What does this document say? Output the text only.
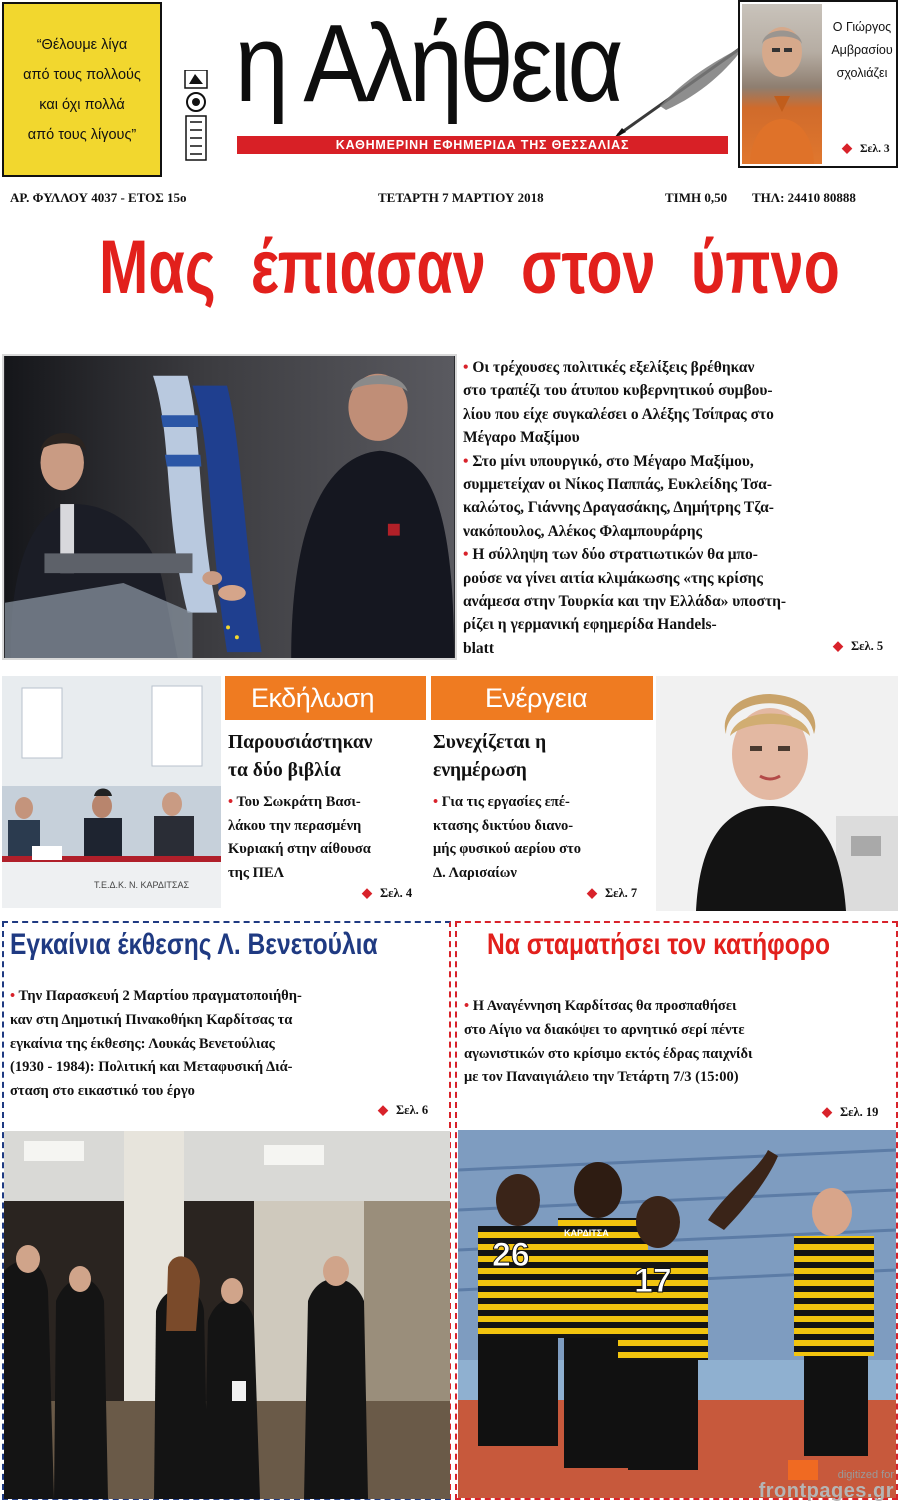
“Θέλουμε λίγα
από τους πολλούς
και όχι πολλά
από τους λίγους”
η Αλήθεια
ΚΑΘΗΜΕΡΙΝΗ ΕΦΗΜΕΡΙΔΑ ΤΗΣ ΘΕΣΣΑΛΙΑΣ
Ο Γιώργος
Αμβρασίου
σχολιάζει
◆ Σελ. 3
ΑΡ. ΦΥΛΛΟΥ 4037 - ΕΤΟΣ 15ο	ΤΕΤΑΡΤΗ 7 ΜΑΡΤΙΟΥ 2018	ΤΙΜΗ 0,50 ΤΗΛ: 24410 80888
Μας έπιασαν στον ύπνο
• Οι τρέχουσες πολιτικές εξελίξεις βρέθηκαν
στο τραπέζι του άτυπου κυβερνητικού συμβου-
λίου που είχε συγκαλέσει ο Αλέξης Τσίπρας στο
Μέγαρο Μαξίμου
• Στο μίνι υπουργικό, στο Μέγαρο Μαξίμου,
συμμετείχαν οι Νίκος Παππάς, Ευκλείδης Τσα-
καλώτος, Γιάννης Δραγασάκης, Δημήτρης Τζα-
νακόπουλος, Αλέκος Φλαμπουράρης
• Η σύλληψη των δύο στρατιωτικών θα μπο-
ρούσε να γίνει αιτία κλιμάκωσης «της κρίσης
ανάμεσα στην Τουρκία και την Ελλάδα» υποστη-
ρίζει η γερμανική εφημερίδα Handels-
blatt	◆ Σελ. 5
Τ.Ε.Δ.Κ. Ν. ΚΑΡΔΙΤΣΑΣ
Εκδήλωση
Παρουσιάστηκαν
τα δύο βιβλία
• Του Σωκράτη Βασι-
λάκου την περασμένη
Κυριακή στην αίθουσα
της ΠΕΛ
◆ Σελ. 4
Ενέργεια
Συνεχίζεται η
ενημέρωση
• Για τις εργασίες επέ-
κτασης δικτύου διανο-
μής φυσικού αερίου στο
Δ. Λαρισαίων
◆ Σελ. 7
Εγκαίνια έκθεσης Λ. Βενετούλια
• Την Παρασκευή 2 Μαρτίου πραγματοποιήθη-
καν στη Δημοτική Πινακοθήκη Καρδίτσας τα
εγκαίνια της έκθεσης: Λουκάς Βενετούλιας
(1930 - 1984): Πολιτική και Μεταφυσική Διά-
σταση στο εικαστικό του έργο
◆ Σελ. 6
Να σταματήσει τον κατήφορο
• Η Αναγέννηση Καρδίτσας θα προσπαθήσει
στο Αίγιο να διακόψει το αρνητικό σερί πέντε
αγωνιστικών στο κρίσιμο εκτός έδρας παιχνίδι
με τον Παναιγιάλειο την Τετάρτη 7/3 (15:00)
◆ Σελ. 19
26
17
ΚΑΡΔΙΤΣΑ
digitized for
frontpages.gr
